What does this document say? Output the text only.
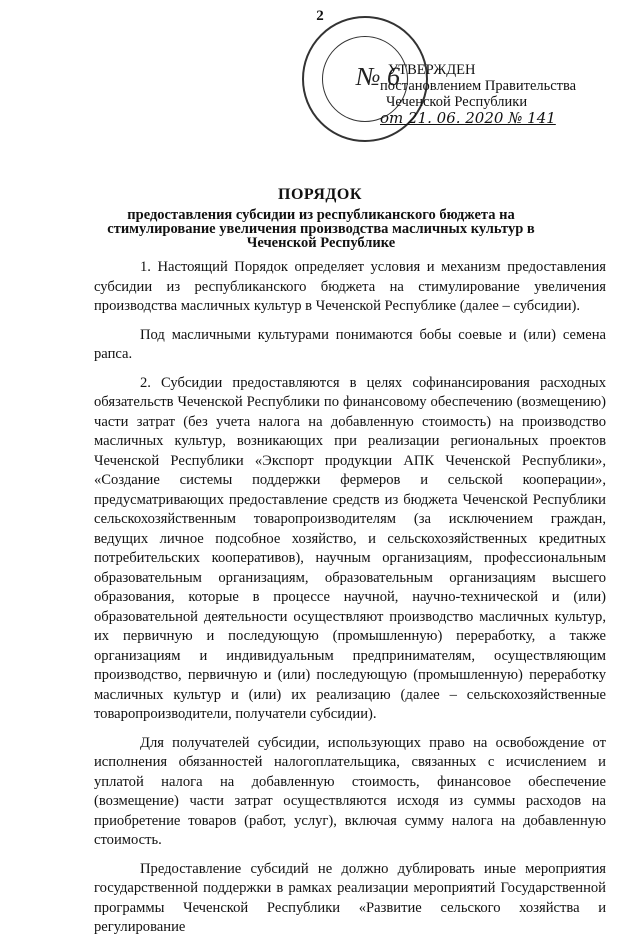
2
№ 6
УТВЕРЖДЕН
постановлением Правительства
Чеченской Республики
от 21. 06. 2020 № 141
ПОРЯДОК
предоставления субсидии из республиканского бюджета на стимулирование увеличения производства масличных культур в Чеченской Республике

1. Настоящий Порядок определяет условия и механизм предоставления субсидии из республиканского бюджета на стимулирование увеличения производства масличных культур в Чеченской Республике (далее – субсидии).

Под масличными культурами понимаются бобы соевые и (или) семена рапса.

2. Субсидии предоставляются в целях софинансирования расходных обязательств Чеченской Республики по финансовому обеспечению (возмещению) части затрат (без учета налога на добавленную стоимость) на производство масличных культур, возникающих при реализации региональных проектов Чеченской Республики «Экспорт продукции АПК Чеченской Республики», «Создание системы поддержки фермеров и сельской кооперации», предусматривающих предоставление средств из бюджета Чеченской Республики сельскохозяйственным товаропроизводителям (за исключением граждан, ведущих личное подсобное хозяйство, и сельскохозяйственных кредитных потребительских кооперативов), научным организациям, профессиональным образовательным организациям, образовательным организациям высшего образования, которые в процессе научной, научно-технической и (или) образовательной деятельности осуществляют производство масличных культур, их первичную и последующую (промышленную) переработку, а также организациям и индивидуальным предпринимателям, осуществляющим производство, первичную и (или) последующую (промышленную) переработку масличных культур и (или) их реализацию (далее – сельскохозяйственные товаропроизводители, получатели субсидии).

Для получателей субсидии, использующих право на освобождение от исполнения обязанностей налогоплательщика, связанных с исчислением и уплатой налога на добавленную стоимость, финансовое обеспечение (возмещение) части затрат осуществляются исходя из суммы расходов на приобретение товаров (работ, услуг), включая сумму налога на добавленную стоимость.

Предоставление субсидий не должно дублировать иные мероприятия государственной поддержки в рамках реализации мероприятий Государственной программы Чеченской Республики «Развитие сельского хозяйства и регулирование
